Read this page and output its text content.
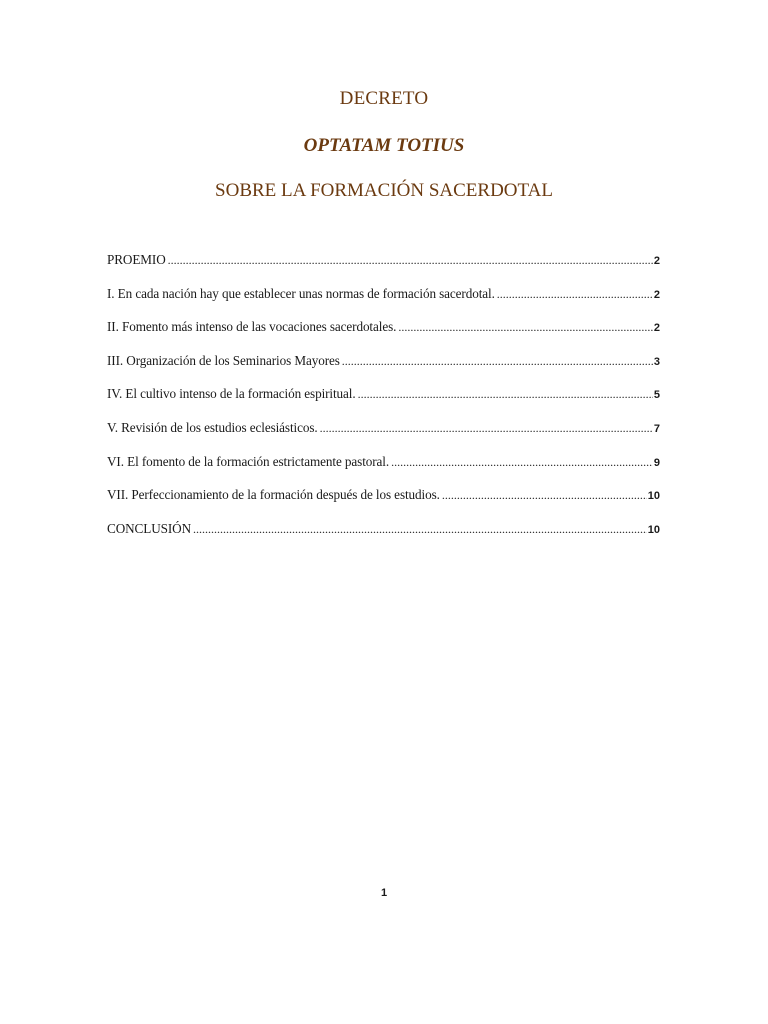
DECRETO
OPTATAM TOTIUS
SOBRE LA FORMACIÓN SACERDOTAL
PROEMIO .....	2
I. En cada nación hay que establecer unas normas de formación sacerdotal. .....	2
II. Fomento más intenso de las vocaciones sacerdotales. .....	2
III. Organización de los Seminarios Mayores .....	3
IV. El cultivo intenso de la formación espiritual. .....	5
V. Revisión de los estudios eclesiásticos. .....	7
VI. El fomento de la formación estrictamente pastoral. .....	9
VII. Perfeccionamiento de la formación después de los estudios. .....	10
CONCLUSIÓN .....	10
1
